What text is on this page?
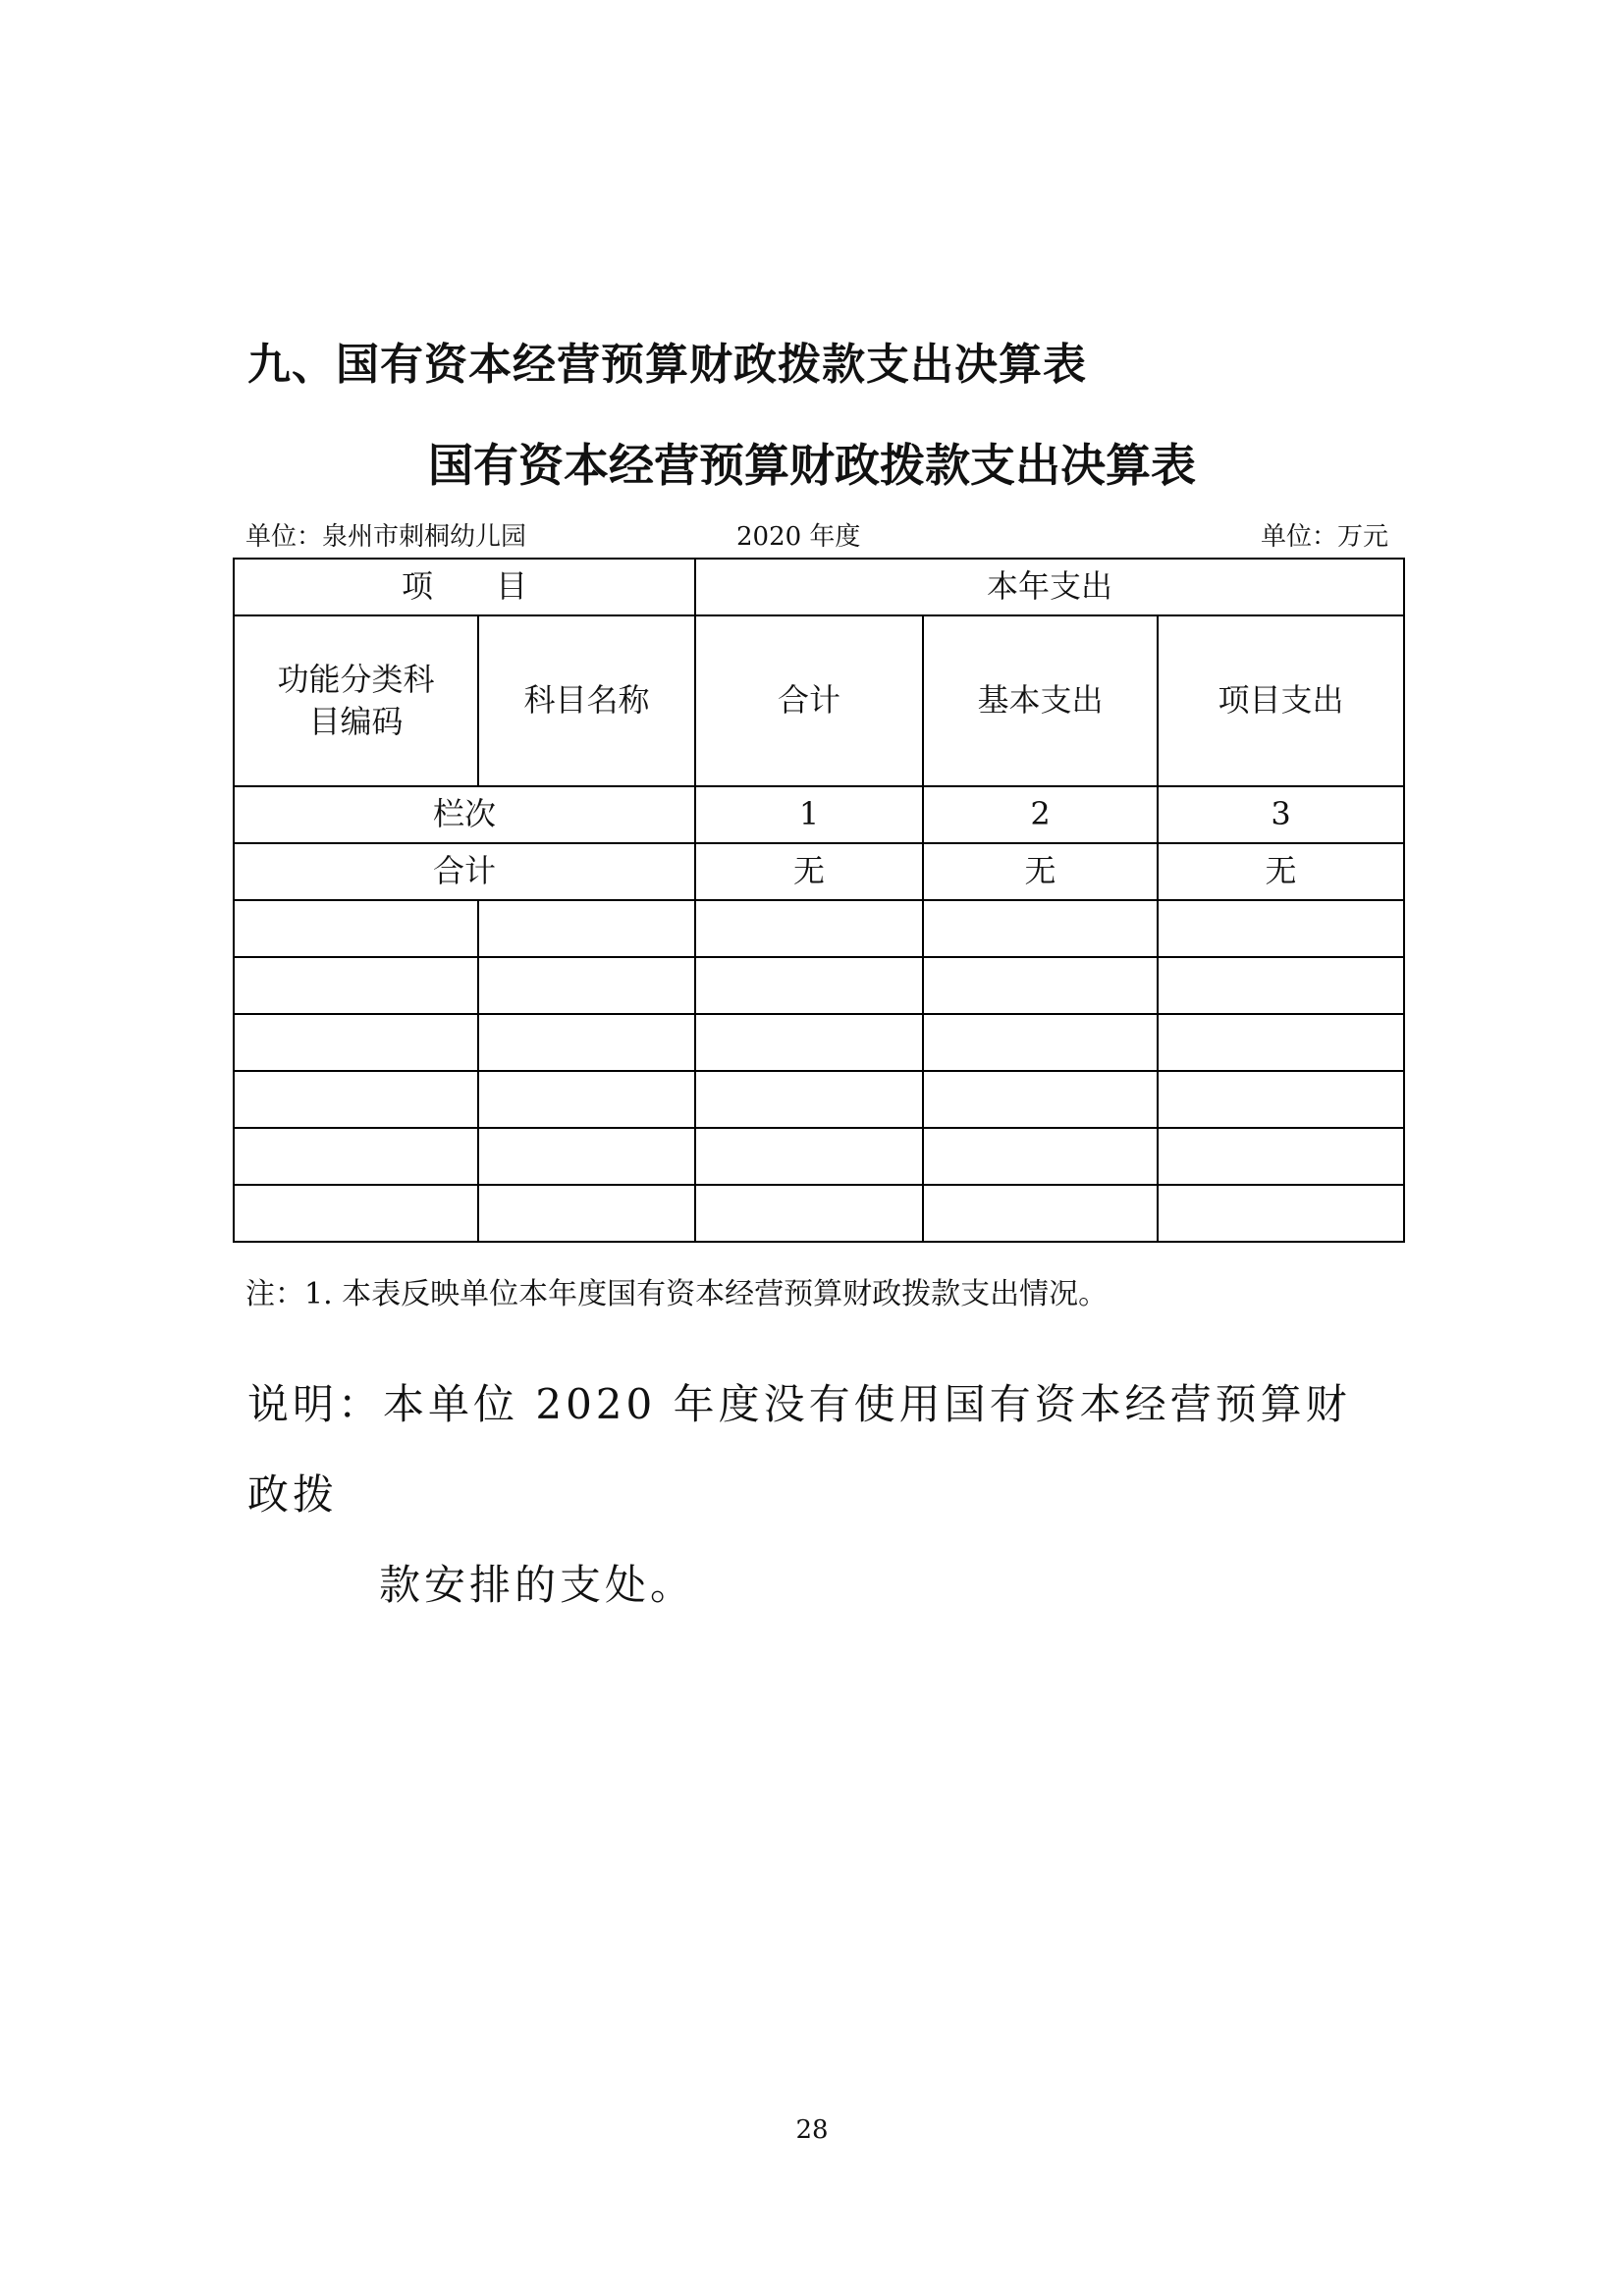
九、国有资本经营预算财政拨款支出决算表
国有资本经营预算财政拨款支出决算表
单位：泉州市刺桐幼儿园	2020 年度	单位：万元
项　　目		本年支出		

功能分类科目编码	科目名称	合计	基本支出	项目支出
栏次		1	2	3
合计		无	无	无

注：1. 本表反映单位本年度国有资本经营预算财政拨款支出情况。
说明：本单位 2020 年度没有使用国有资本经营预算财政拨
款安排的支处。
28
